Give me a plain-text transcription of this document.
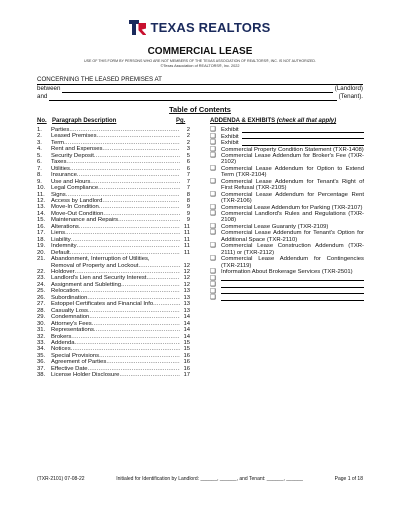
TEXAS REALTORS
COMMERCIAL LEASE
USE OF THIS FORM BY PERSONS WHO ARE NOT MEMBERS OF THE TEXAS ASSOCIATION OF REALTORS®, INC. IS NOT AUTHORIZED.
©Texas Association of REALTORS®, Inc. 2022
CONCERNING THE LEASED PREMISES AT
between	(Landlord)
and	(Tenant).
Table of Contents
No. Paragraph Description	Pg.	ADDENDA & EXHIBITS (check all that apply)
1.	Parties .....	2
2.	Leased Premises .....	2
3.	Term .....	2
4.	Rent and Expenses .....	3
5.	Security Deposit .....	5
6.	Taxes .....	6
7.	Utilities .....	6
8.	Insurance .....	7
9.	Use and Hours .....	7
10. Legal Compliance .....	7
11.	Signs .....	8
12. Access by Landlord .....	8
13. Move-In Condition .....	9
14. Move-Out Condition .....	9
15. Maintenance and Repairs .....	9
16. Alterations .....	11
17. Liens .....	11
18. Liability .....	11
19. Indemnity .....	11
20. Default .....	11
21. Abandonment, Interruption of Utilities,
Removal of Property and Lockout .....	12
22. Holdover .....	12
23. Landlord's Lien and Security Interest .....	12
24. Assignment and Subletting .....	12
25. Relocation .....	13
26. Subordination .....	13
27. Estoppel Certificates and Financial Info .....	13
28. Casualty Loss .....	13
29. Condemnation .....	14
30. Attorney's Fees .....	14
31. Representations .....	14
32. Brokers .....	14
33. Addenda .....	15
34. Notices .....	15
35. Special Provisions .....	16
36. Agreement of Parties .....	16
37. Effective Date .....	16
38. License Holder Disclosure .....	17
❑ Exhibit
❑ Exhibit
❑ Exhibit
❑ Commercial Property Condition Statement (TXR-1408)
❑ Commercial Lease Addendum for Broker's Fee (TXR-2102)
❑ Commercial Lease Addendum for Option to Extend Term (TXR-2104)
❑ Commercial Lease Addendum for Tenant's Right of First Refusal (TXR-2105)
❑ Commercial Lease Addendum for Percentage Rent (TXR-2106)
❑ Commercial Lease Addendum for Parking (TXR-2107)
❑ Commercial Landlord's Rules and Regulations (TXR-2108)
❑ Commercial Lease Guaranty (TXR-2109)
❑ Commercial Lease Addendum for Tenant's Option for Additional Space (TXR-2110)
❑ Commercial Lease Construction Addendum (TXR-2111) or (TXR-2112)
❑ Commercial Lease Addendum for Contingencies (TXR-2119)
❑ Information About Brokerage Services (TXR-2501)
❑
❑
❑
❑
(TXR-2101) 07-08-22	Initialed for Identification by Landlord: ______, ______, and Tenant: ______, ______	Page 1 of 18
